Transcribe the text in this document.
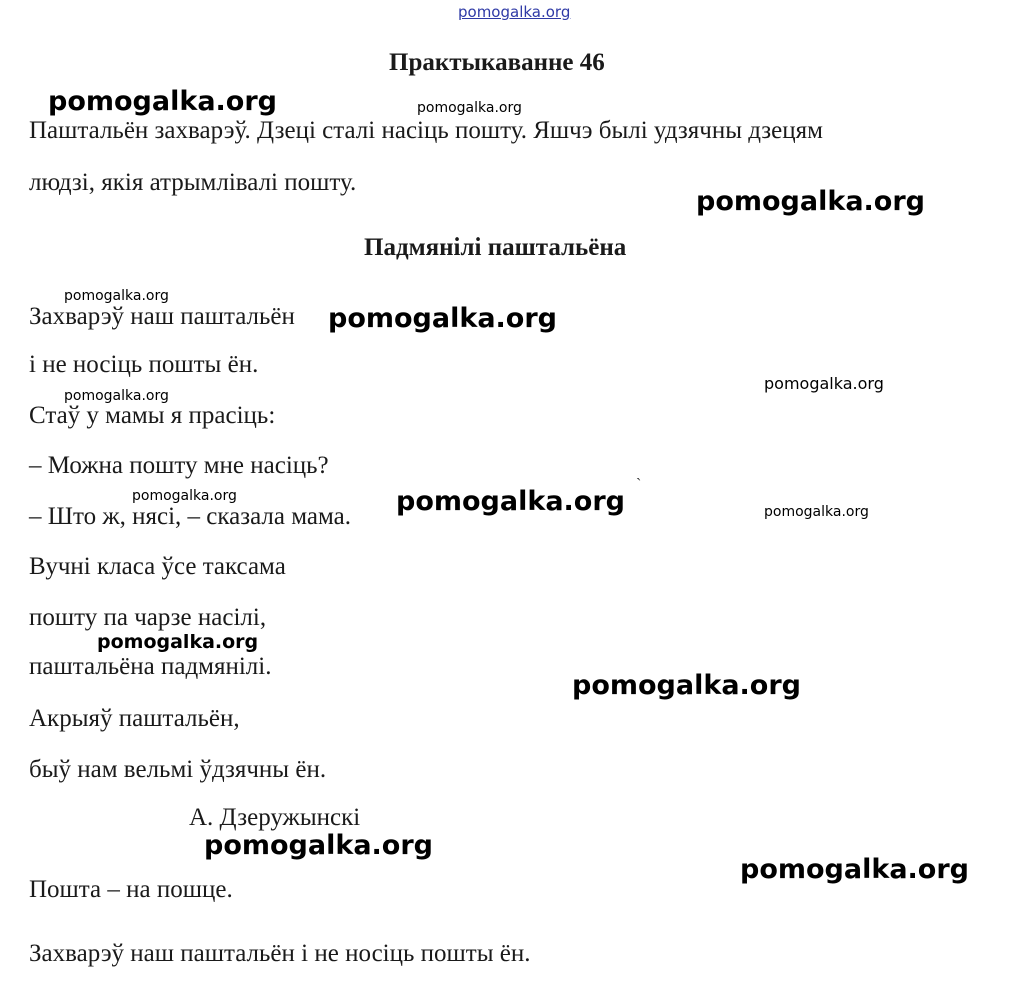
pomogalka.org
Практыкаванне 46
Паштальён захварэў. Дзеці сталі насіць пошту. Яшчэ былі удзячны дзецям
людзі, якія атрымлівалі пошту.
Падмянілі паштальёна
Захварэў наш паштальён
і не носіць пошты ён.
Стаў у мамы я прасіць:
– Можна пошту мне насіць?
– Што ж, нясі, – сказала мама.
Вучні класа ўсе таксама
пошту па чарзе насілі,
паштальёна падмянілі.
Акрыяў паштальён,
быў нам вельмі ўдзячны ён.
А. Дзеружынскі
Пошта – на пошце.
Захварэў наш паштальён і не носіць пошты ён.
`
pomogalka.org	pomogalka.org
pomogalka.org
pomogalka.org
pomogalka.org
pomogalka.org
pomogalka.org
pomogalka.org	pomogalka.org	pomogalka.org
pomogalka.org
pomogalka.org
pomogalka.org
pomogalka.org
